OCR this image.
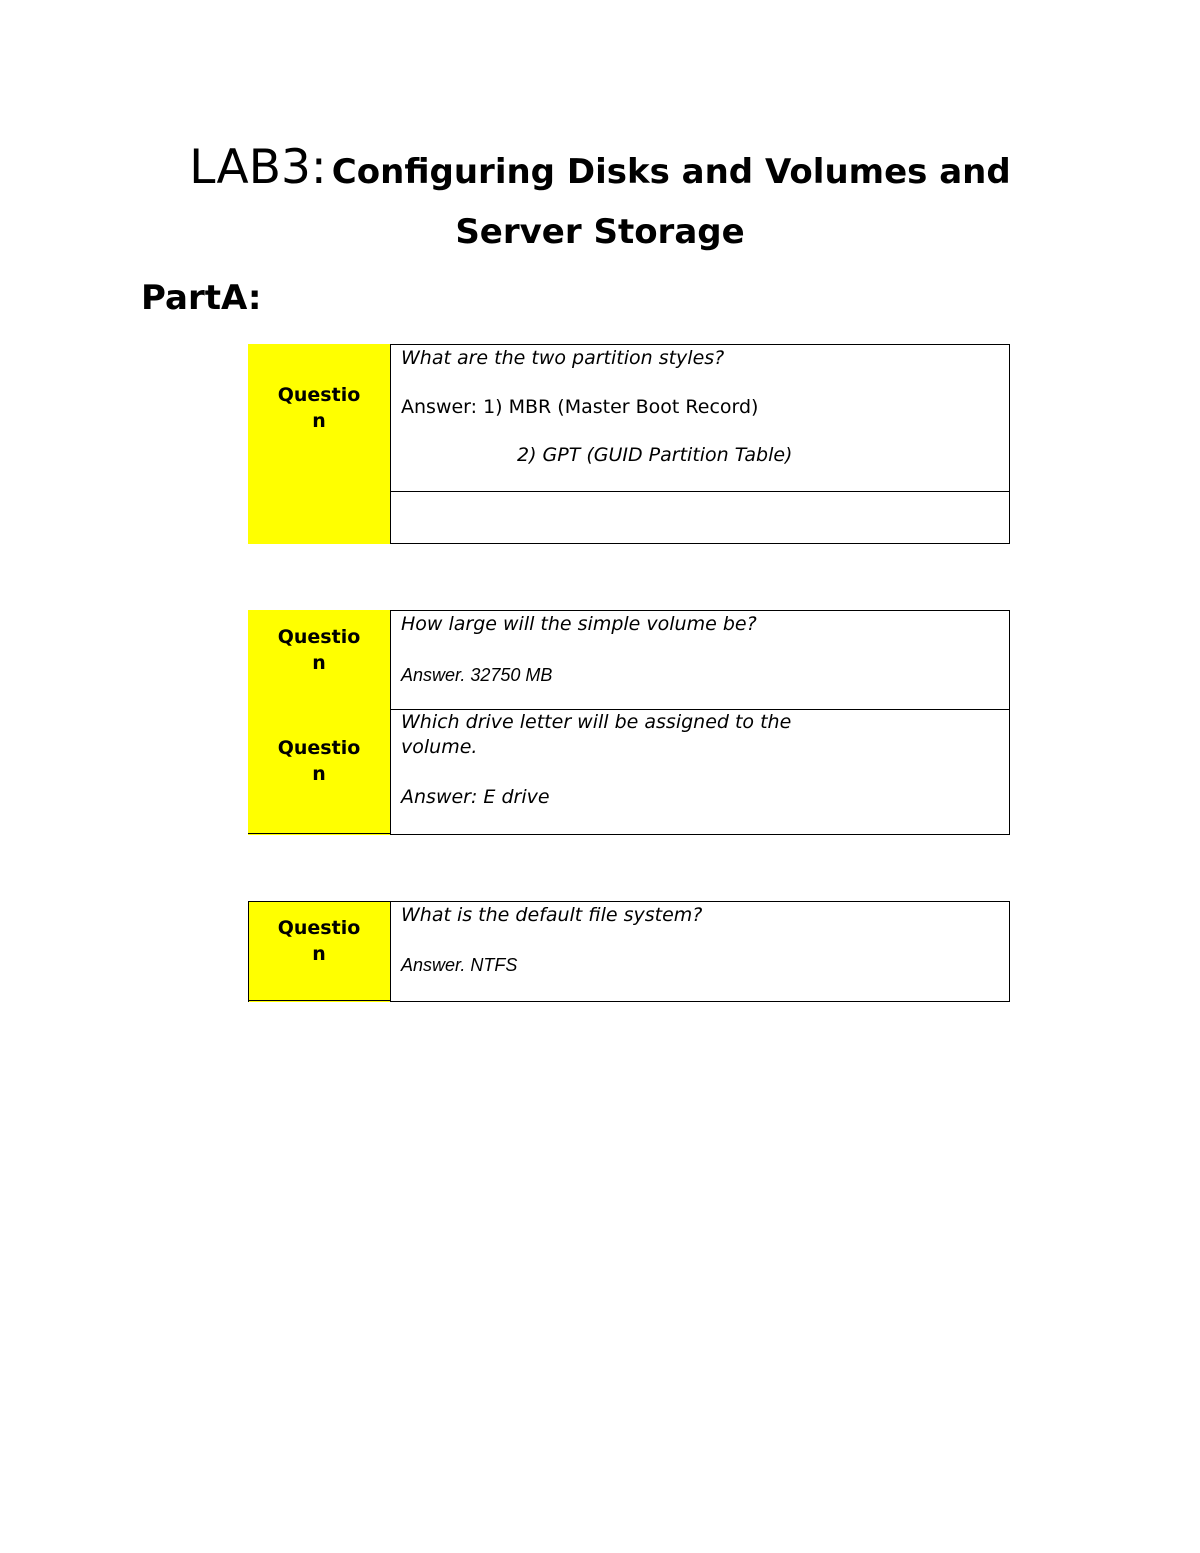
LAB3: Configuring Disks and Volumes and
Server Storage
PartA:
Questio
n
What are the two partition styles?
Answer: 1) MBR (Master Boot Record)
2) GPT (GUID Partition Table)
Questio
n
Questio
n
How large will the simple volume be?
Answer. 32750 MB
Which drive letter will be assigned to the
volume.
Answer: E drive
Questio
n
What is the default file system?
Answer. NTFS
